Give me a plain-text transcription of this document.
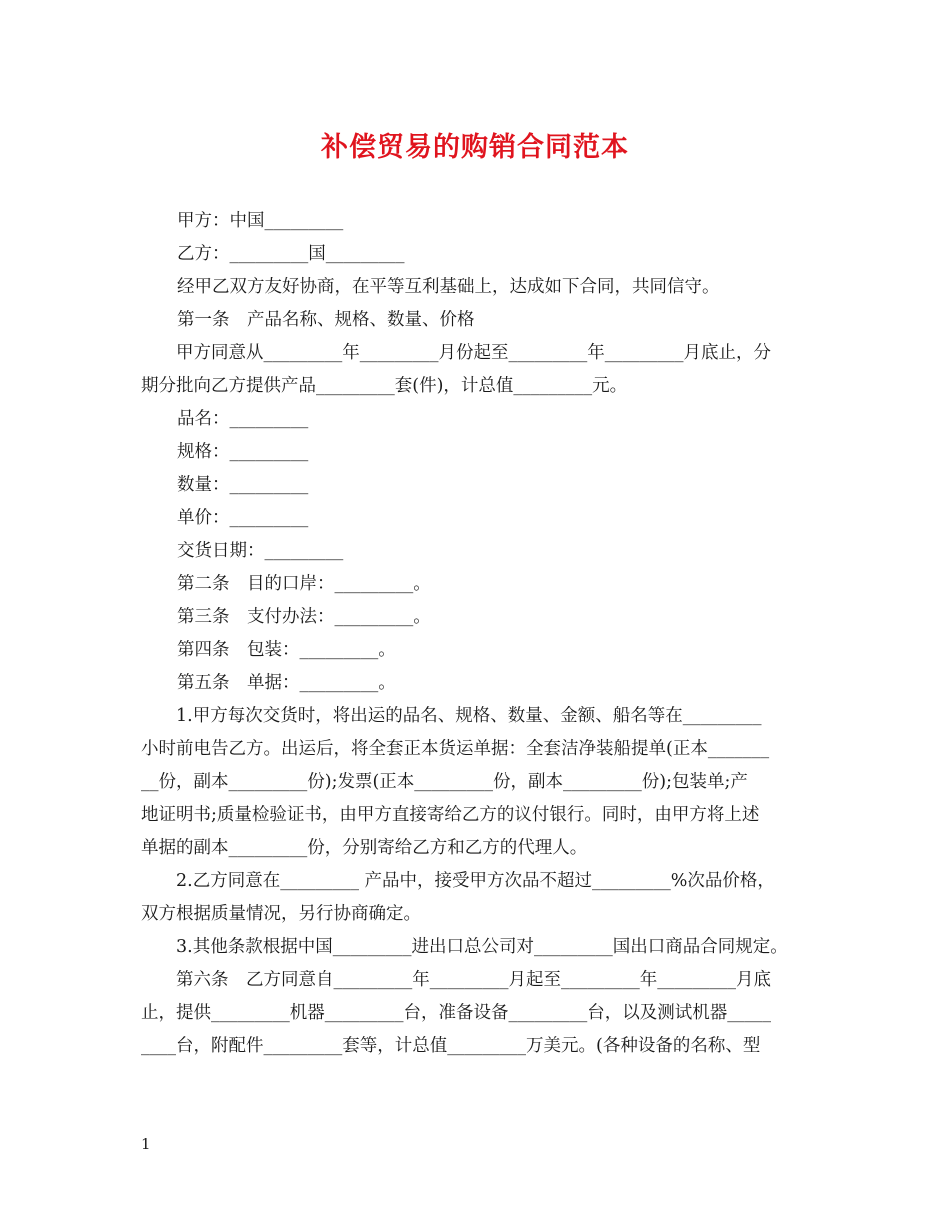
补偿贸易的购销合同范本

甲方：中国_________

乙方：_________国_________

经甲乙双方友好协商，在平等互利基础上，达成如下合同，共同信守。

第一条　产品名称、规格、数量、价格

　　甲方同意从_________年_________月份起至_________年_________月底止，分
期分批向乙方提供产品_________套(件)，计总值_________元。

品名：_________

规格：_________

数量：_________

单价：_________

交货日期：_________

第二条　目的口岸：_________。

第三条　支付办法：_________。

第四条　包装：_________。

第五条　单据：_________。

　　1.甲方每次交货时，将出运的品名、规格、数量、金额、船名等在_________
小时前电告乙方。出运后，将全套正本货运单据：全套洁净装船提单(正本_______
__份，副本_________份);发票(正本_________份，副本_________份);包装单;产
地证明书;质量检验证书，由甲方直接寄给乙方的议付银行。同时，由甲方将上述
单据的副本_________份，分别寄给乙方和乙方的代理人。

　　2.乙方同意在_________ 产品中，接受甲方次品不超过_________%次品价格，
双方根据质量情况，另行协商确定。

　　3.其他条款根据中国_________进出口总公司对_________国出口商品合同规定。

　　第六条　乙方同意自_________年_________月起至_________年_________月底
止，提供_________机器_________台，准备设备_________台，以及测试机器_____
____台，附配件_________套等，计总值_________万美元。(各种设备的名称、型

1
